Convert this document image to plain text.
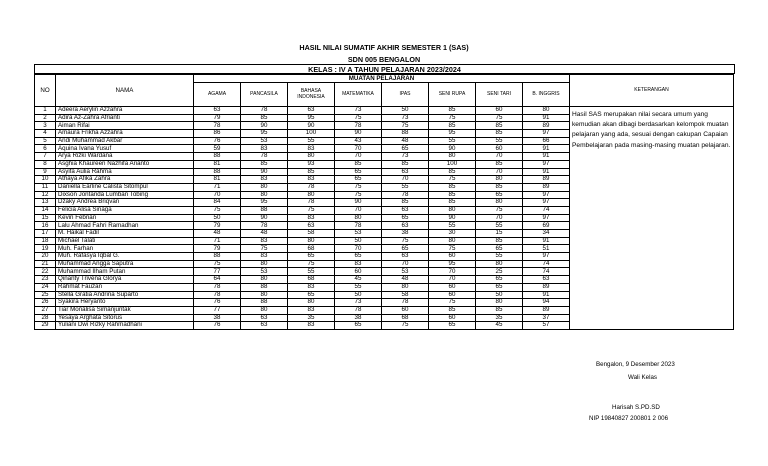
HASIL NILAI SUMATIF AKHIR SEMESTER 1 (SAS)
SDN 005 BENGALON
KELAS : IV A TAHUN PELAJARAN 2023/2024
NO	NAMA	MUATAN PELAJARAN								KETERANGAN
		AGAMA	PANCASILA	BAHASA INDONESIA	MATEMATIKA	IPAS	SENI RUPA	SENI TARI	B. INGGRIS	
1	Adeera Aerylin Azzahra	63	78	63	73	50	85	60	80	Hasil SAS merupakan nilai secara umum yang kemudian akan dibagi berdasarkan kelompok muatan pelajaran yang ada, sesuai dengan cakupan Capaian Pembelajaran pada masing-masing muatan pelajaran.

2	Adira Az-Zahra Afrianti	79	85	95	75	73	75	75	91	
3	Aiman Rifai	78	90	90	78	75	85	85	89	
4	Amaura Frikha Azzahra	86	95	100	90	88	95	85	97	
5	Andi Muhammad Akbar	76	53	55	43	48	55	55	66	
6	Aquina Ivana Yusuf	59	83	83	70	65	90	60	91	
7	Arya Rizki Wardana	88	78	80	70	73	80	70	91	
8	Asghia Khaureen Nazhifa Arianto	81	85	93	85	85	100	85	97	
9	Asyifa Aulia Rahma	88	90	85	65	63	85	70	91	
10	Athaya Afika Zahra	81	83	83	65	70	75	80	89	
11	Daniella Earline Calista Sitompul	71	80	78	75	55	85	85	89	
12	Dixson Jontarida Lumban Tobing	70	80	80	75	78	85	65	97	
13	Dzaky Andrea Briqvan	84	95	78	90	85	85	80	97	
14	Felicia Alisa Sinaga	75	88	75	70	63	80	75	74	
15	Kevin Febrian	50	90	83	80	65	90	70	97	
16	Lalu Ahmad Fahri Ramadhan	79	78	63	78	63	55	55	69	
17	M. Haikal Fadil	48	48	58	53	38	30	15	34	
18	Michael Talati	71	83	80	50	75	80	85	91	
19	Muh. Farhan	79	75	68	70	65	75	65	51	
20	Muh. Rafasya Iqbal G.	88	83	65	65	63	60	55	97	
21	Muhammad Angga Saputra	75	80	75	83	70	95	80	74	
22	Muhammad Ilham Putan	77	53	55	60	53	70	25	74	
23	Qinanty Trivena Glorya	64	80	68	45	48	70	65	63	
24	Rahmat Fauzan	78	88	83	55	80	60	65	89	
25	Stella Gratia Andrina Suparto	78	80	65	50	58	60	50	91	
26	Syakira Heryanto	76	88	80	73	78	75	80	94	
27	Tiar Monalisa Simanjuntak	77	80	83	78	60	85	85	89	
28	Yesaya Arghata Sitorus	38	63	35	38	68	60	35	37	
29	Yuliani Dwi Rizky Rahmadhani	76	63	83	65	75	65	45	57	
Bengalon, 9 Desember 2023
Wali Kelas
Harisah S.PD.SD
NIP 19840827 200801 2 006
